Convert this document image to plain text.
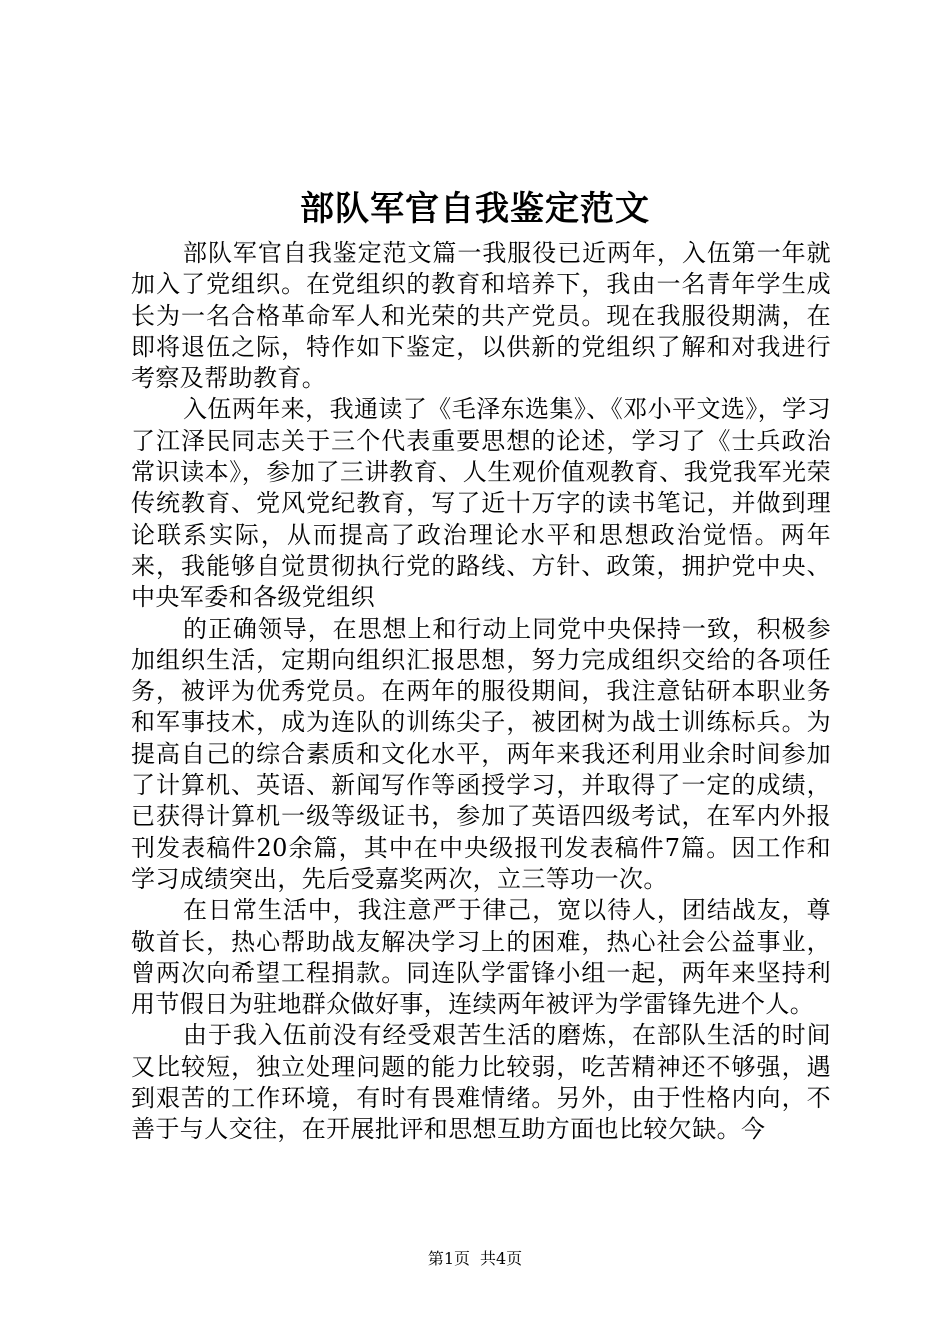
部队军官自我鉴定范文

部队军官自我鉴定范文篇一我服役已近两年，入伍第一年就加入了党组织。在党组织的教育和培养下，我由一名青年学生成长为一名合格革命军人和光荣的共产党员。现在我服役期满，在即将退伍之际，特作如下鉴定，以供新的党组织了解和对我进行考察及帮助教育。

入伍两年来，我通读了《毛泽东选集》、《邓小平文选》，学习了江泽民同志关于三个代表重要思想的论述，学习了《士兵政治常识读本》，参加了三讲教育、人生观价值观教育、我党我军光荣传统教育、党风党纪教育，写了近十万字的读书笔记，并做到理论联系实际，从而提高了政治理论水平和思想政治觉悟。两年来，我能够自觉贯彻执行党的路线、方针、政策，拥护党中央、中央军委和各级党组织

的正确领导，在思想上和行动上同党中央保持一致，积极参加组织生活，定期向组织汇报思想，努力完成组织交给的各项任务，被评为优秀党员。在两年的服役期间，我注意钻研本职业务和军事技术，成为连队的训练尖子，被团树为战士训练标兵。为提高自己的综合素质和文化水平，两年来我还利用业余时间参加了计算机、英语、新闻写作等函授学习，并取得了一定的成绩，已获得计算机一级等级证书，参加了英语四级考试，在军内外报刊发表稿件20余篇，其中在中央级报刊发表稿件7篇。因工作和学习成绩突出，先后受嘉奖两次，立三等功一次。

在日常生活中，我注意严于律己，宽以待人，团结战友，尊敬首长，热心帮助战友解决学习上的困难，热心社会公益事业，曾两次向希望工程捐款。同连队学雷锋小组一起，两年来坚持利用节假日为驻地群众做好事，连续两年被评为学雷锋先进个人。

由于我入伍前没有经受艰苦生活的磨炼，在部队生活的时间又比较短，独立处理问题的能力比较弱，吃苦精神还不够强，遇到艰苦的工作环境，有时有畏难情绪。另外，由于性格内向，不善于与人交往，在开展批评和思想互助方面也比较欠缺。今

第1页 共4页
